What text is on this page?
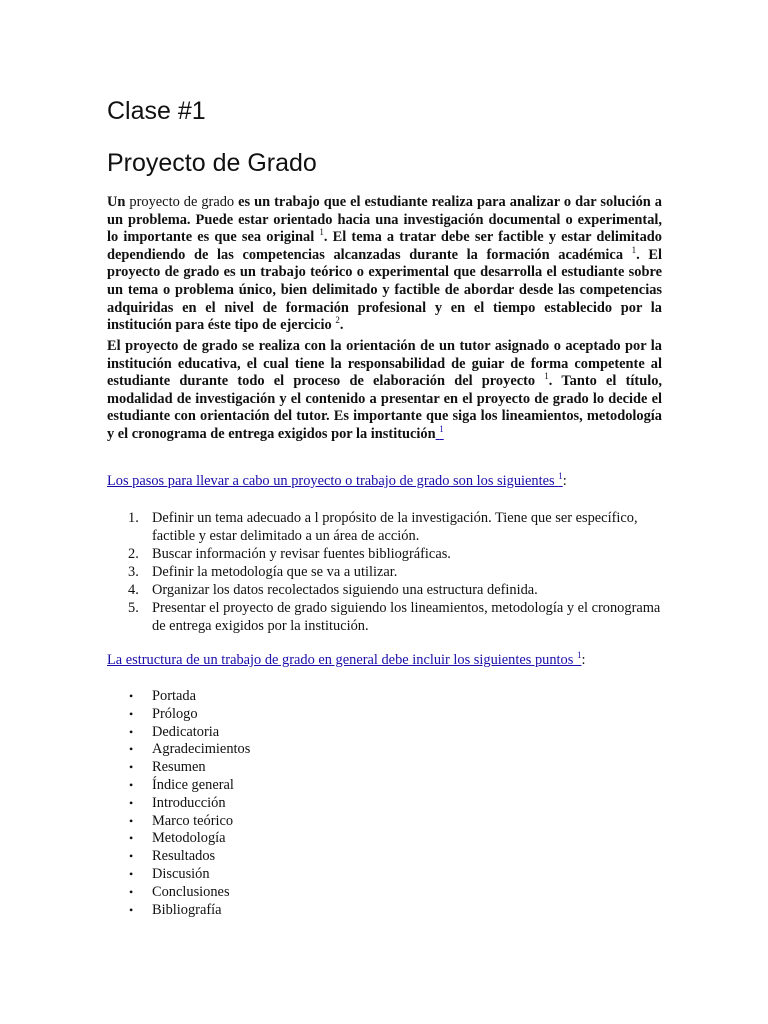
Clase #1
Proyecto de Grado

Un proyecto de grado es un trabajo que el estudiante realiza para analizar o dar solución a un problema. Puede estar orientado hacia una investigación documental o experimental, lo importante es que sea original $^1$. El tema a tratar debe ser factible y estar delimitado dependiendo de las competencias alcanzadas durante la formación académica $^1$. El proyecto de grado es un trabajo teórico o experimental que desarrolla el estudiante sobre un tema o problema único, bien delimitado y factible de abordar desde las competencias adquiridas en el nivel de formación profesional y en el tiempo establecido por la institución para éste tipo de ejercicio $^2$.

El proyecto de grado se realiza con la orientación de un tutor asignado o aceptado por la institución educativa, el cual tiene la responsabilidad de guiar de forma competente al estudiante durante todo el proceso de elaboración del proyecto $^1$. Tanto el título, modalidad de investigación y el contenido a presentar en el proyecto de grado lo decide el estudiante con orientación del tutor. Es importante que siga los lineamientos, metodología y el cronograma de entrega exigidos por la institución $^1$

Los pasos para llevar a cabo un proyecto o trabajo de grado son los siguientes $^1$:

1. Definir un tema adecuado a l propósito de la investigación. Tiene que ser específico, factible y estar delimitado a un área de acción.
2. Buscar información y revisar fuentes bibliográficas.
3. Definir la metodología que se va a utilizar.
4. Organizar los datos recolectados siguiendo una estructura definida.
5. Presentar el proyecto de grado siguiendo los lineamientos, metodología y el cronograma de entrega exigidos por la institución.

La estructura de un trabajo de grado en general debe incluir los siguientes puntos $^1$:

• Portada
• Prólogo
• Dedicatoria
• Agradecimientos
• Resumen
• Índice general
• Introducción
• Marco teórico
• Metodología
• Resultados
• Discusión
• Conclusiones
• Bibliografía
